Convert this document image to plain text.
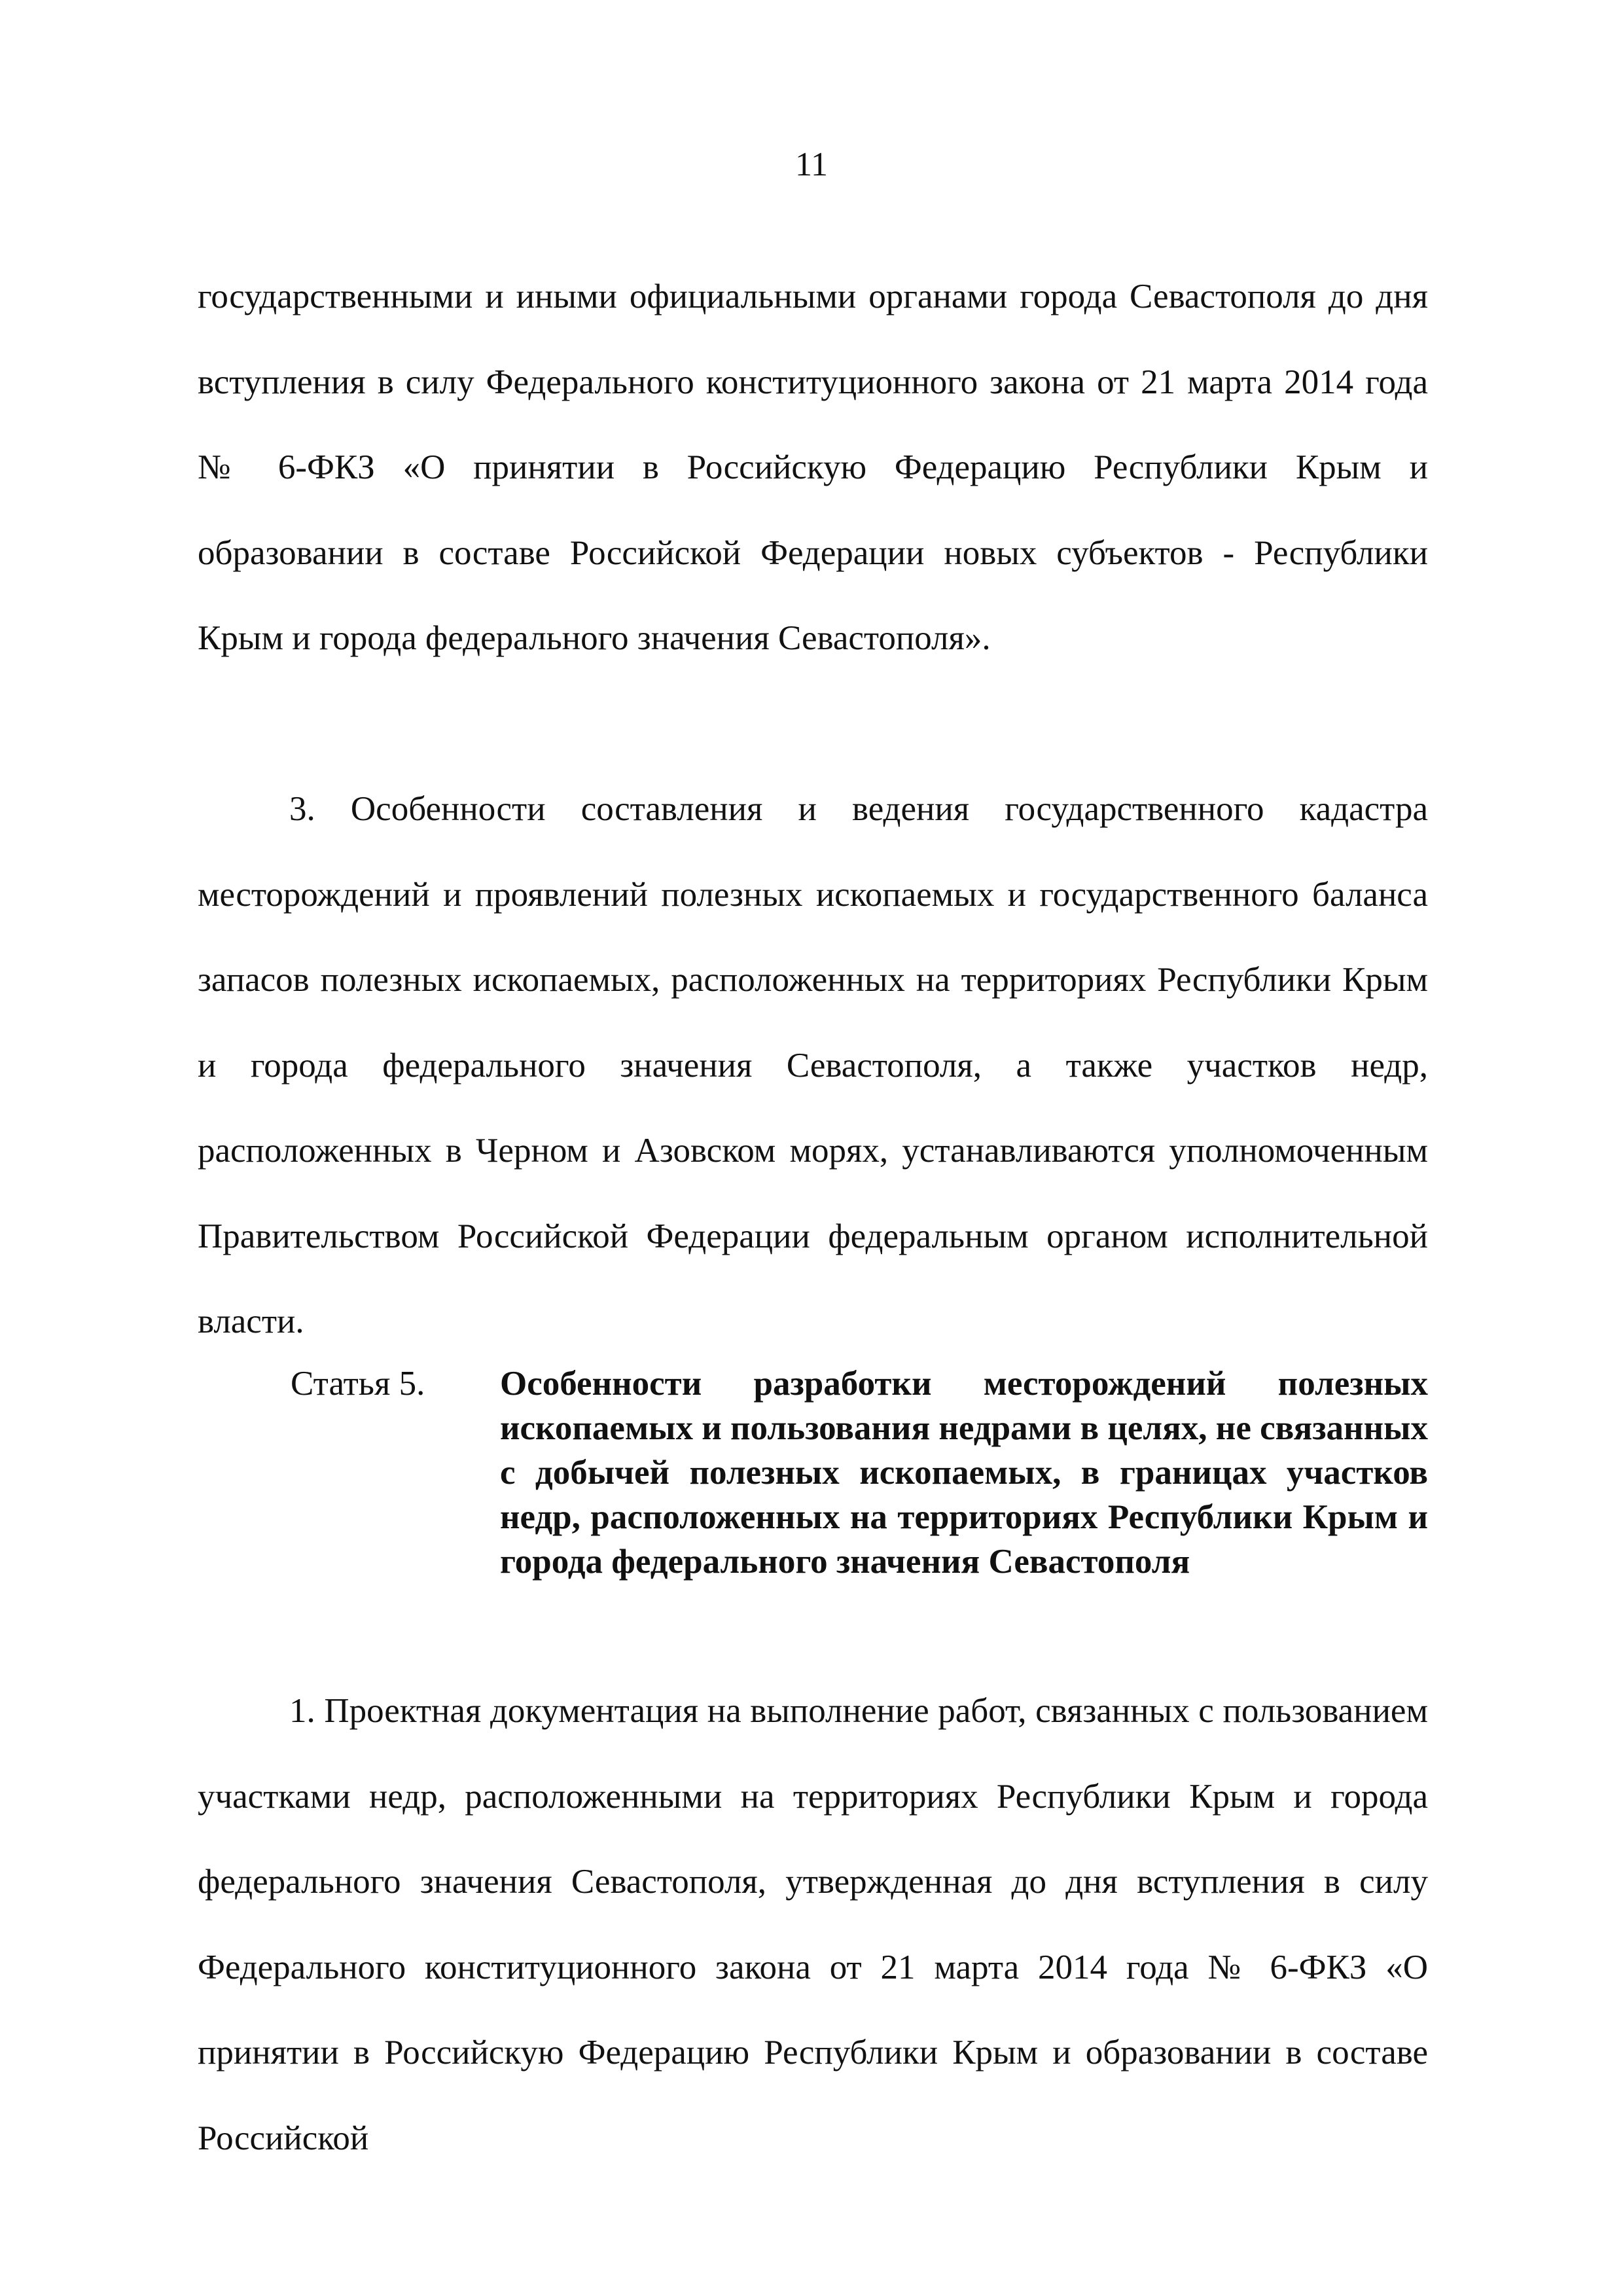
11

государственными и иными официальными органами города Севастополя до дня вступления в силу Федерального конституционного закона от 21 марта 2014 года № 6-ФКЗ «О принятии в Российскую Федерацию Республики Крым и образовании в составе Российской Федерации новых субъектов - Республики Крым и города федерального значения Севастополя».

3. Особенности составления и ведения государственного кадастра месторождений и проявлений полезных ископаемых и государственного баланса запасов полезных ископаемых, расположенных на территориях Республики Крым и города федерального значения Севастополя, а также участков недр, расположенных в Черном и Азовском морях, устанавливаются уполномоченным Правительством Российской Федерации федеральным органом исполнительной власти.

Статья 5. Особенности разработки месторождений полезных ископаемых и пользования недрами в целях, не связанных с добычей полезных ископаемых, в границах участков недр, расположенных на территориях Республики Крым и города федерального значения Севастополя

1. Проектная документация на выполнение работ, связанных с пользованием участками недр, расположенными на территориях Республики Крым и города федерального значения Севастополя, утвержденная до дня вступления в силу Федерального конституционного закона от 21 марта 2014 года № 6-ФКЗ «О принятии в Российскую Федерацию Республики Крым и образовании в составе Российской
